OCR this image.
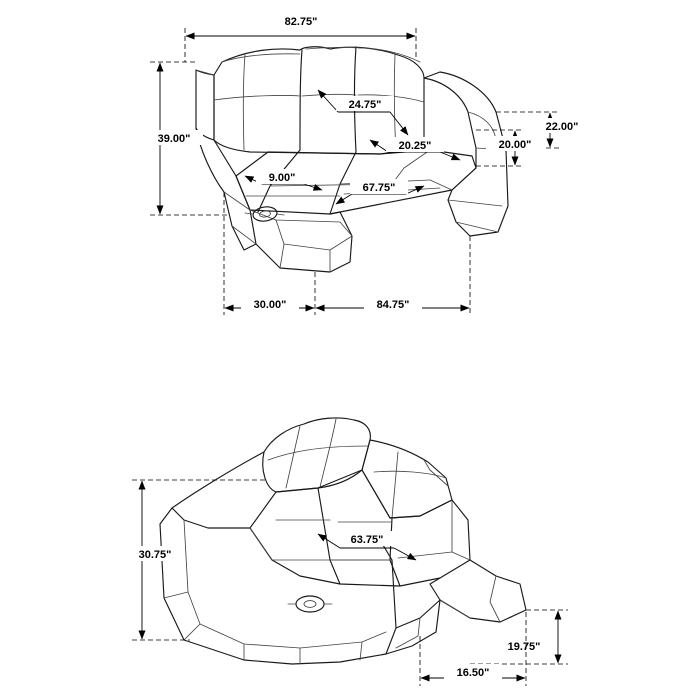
82.75"
39.00"
24.75"
20.25"
22.00"
20.00"
9.00"
67.75"
30.00"	84.75"
30.75"
63.75"
19.75"
16.50"
